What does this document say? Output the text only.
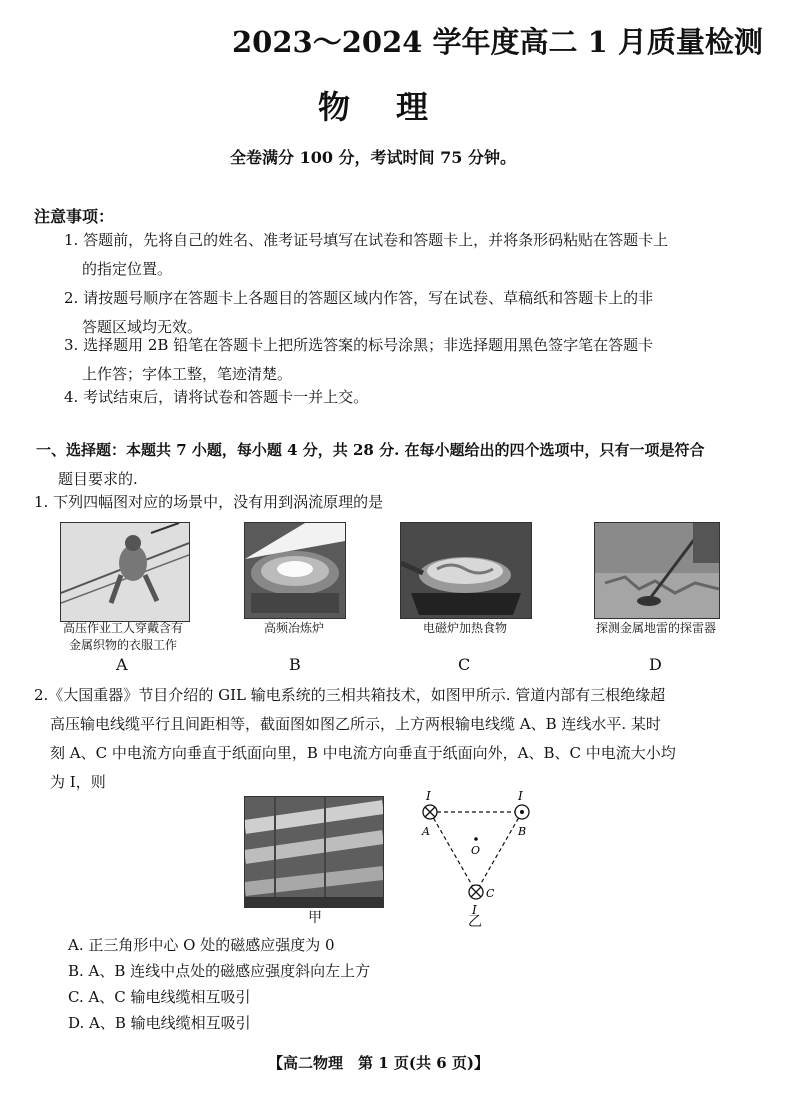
2023～2024 学年度高二 1 月质量检测
物理
全卷满分 100 分，考试时间 75 分钟。
注意事项：
1. 答题前，先将自己的姓名、准考证号填写在试卷和答题卡上，并将条形码粘贴在答题卡上
的指定位置。
2. 请按题号顺序在答题卡上各题目的答题区域内作答，写在试卷、草稿纸和答题卡上的非
答题区域均无效。
3. 选择题用 2B 铅笔在答题卡上把所选答案的标号涂黑；非选择题用黑色签字笔在答题卡
上作答；字体工整，笔迹清楚。
4. 考试结束后，请将试卷和答题卡一并上交。
一、选择题：本题共 7 小题，每小题 4 分，共 28 分. 在每小题给出的四个选项中，只有一项是符合
题目要求的.
1. 下列四幅图对应的场景中，没有用到涡流原理的是
高压作业工人穿戴含有
金属织物的衣服工作
A
高频冶炼炉
B
电磁炉加热食物
C
探测金属地雷的探雷器
D
2.《大国重器》节目介绍的 GIL 输电系统的三相共箱技术，如图甲所示. 管道内部有三根绝缘超
高压输电线缆平行且间距相等，截面图如图乙所示，上方两根输电线缆 A、B 连线水平. 某时
刻 A、C 中电流方向垂直于纸面向里，B 中电流方向垂直于纸面向外，A、B、C 中电流大小均
为 I，则
甲
I	I
I
A	B
C
O
乙
A. 正三角形中心 O 处的磁感应强度为 0
B. A、B 连线中点处的磁感应强度斜向左上方
C. A、C 输电线缆相互吸引
D. A、B 输电线缆相互吸引
【高二物理　第 1 页(共 6 页)】
